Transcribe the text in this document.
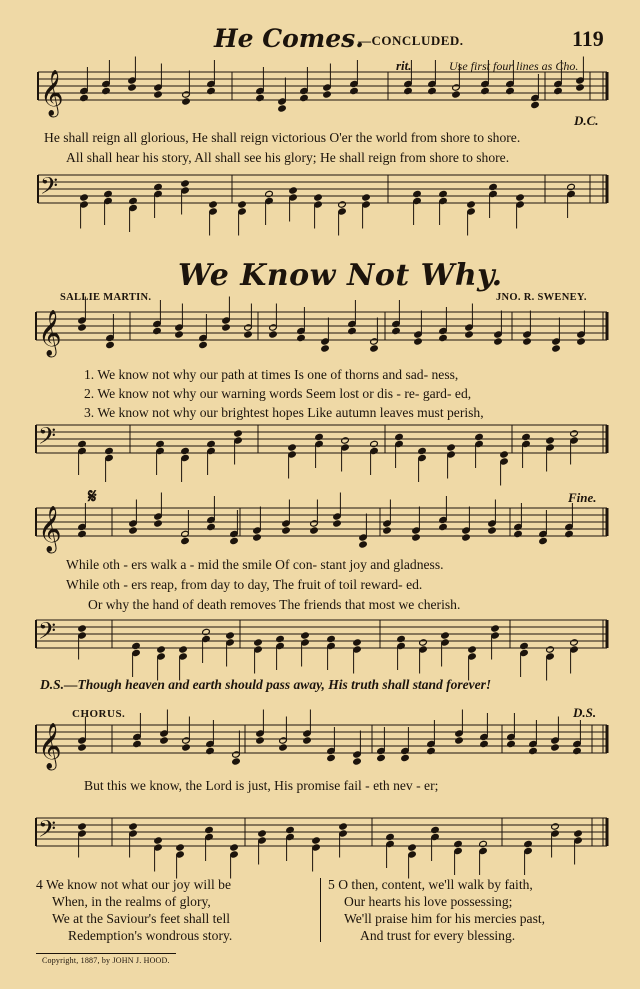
He Comes.
—CONCLUDED.	119
𝄞
𝄢
𝄞
𝄢
𝄞
𝄢
𝄞
𝄢
rit.	Use first four lines as Cho.
D.C.
He shall reign all glorious, He shall reign victorious O'er the world from shore to shore.
All shall hear his story, All shall see his glory; He shall reign from shore to shore.
We Know Not Why.
SALLIE MARTIN.	JNO. R. SWENEY.
1. We know not why our path at times Is one of thorns and sad- ness,
2. We know not why our warning words Seem lost or dis - re- gard- ed,
3. We know not why our brightest hopes Like autumn leaves must perish,
𝄋	Fine.
While oth - ers walk a - mid the smile Of con- stant joy and gladness.
While oth - ers reap, from day to day, The fruit of toil reward- ed.
Or why the hand of death removes The friends that most we cherish.
D.S.—Though heaven and earth should pass away, His truth shall stand forever!
CHORUS.	D.S.
But this we know, the Lord is just, His promise fail - eth nev - er;
4 We know not what our joy will be
When, in the realms of glory,
We at the Saviour's feet shall tell
Redemption's wondrous story.
5 O then, content, we'll walk by faith,
Our hearts his love possessing;
We'll praise him for his mercies past,
And trust for every blessing.
Copyright, 1887, by JOHN J. HOOD.
